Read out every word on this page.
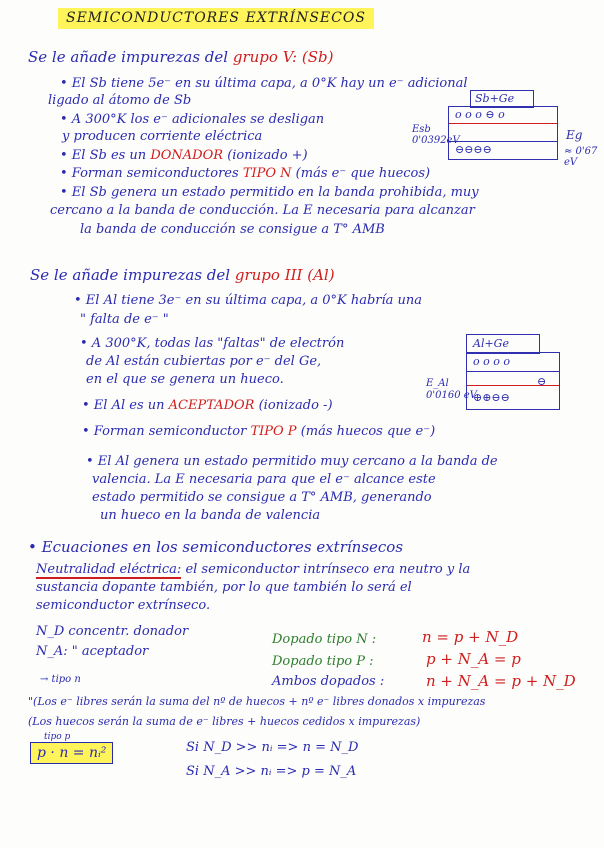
SEMICONDUCTORES EXTRÍNSECOS
Se le añade impurezas del grupo V: (Sb)
• El Sb tiene 5e⁻ en su última capa, a 0°K hay un e⁻ adicional
ligado al átomo de Sb
• A 300°K los e⁻ adicionales se desligan
y producen corriente eléctrica
• El Sb es un DONADOR (ionizado +)
• Forman semiconductores TIPO N (más e⁻ que huecos)
• El Sb genera un estado permitido en la banda prohibida, muy
cercano a la banda de conducción. La E necesaria para alcanzar
la banda de conducción se consigue a T° AMB
Sb+Ge
o o o ⊖ o
⊖⊖⊖⊖
Esb
0'0392eV	Eg
≈ 0'67 eV
Se le añade impurezas del grupo III (Al)
• El Al tiene 3e⁻ en su última capa, a 0°K habría una
" falta de e⁻ "
• A 300°K, todas las "faltas" de electrón
de Al están cubiertas por e⁻ del Ge,
en el que se genera un hueco.
• El Al es un ACEPTADOR (ionizado -)
• Forman semiconductor TIPO P (más huecos que e⁻)
• El Al genera un estado permitido muy cercano a la banda de
valencia. La E necesaria para que el e⁻ alcance este
estado permitido se consigue a T° AMB, generando
un hueco en la banda de valencia
Al+Ge
o o o o
⊖
⊕⊕⊖⊖
E_Al
0'0160 eV
• Ecuaciones en los semiconductores extrínsecos
Neutralidad eléctrica: el semiconductor intrínseco era neutro y la
sustancia dopante también, por lo que también lo será el
semiconductor extrínseco.
N_D concentr. donador
N_A: " aceptador
Dopado tipo N :	n = p + N_D
Dopado tipo P :	p + N_A = p
Ambos dopados :	n + N_A = p + N_D
→ tipo n
"(Los e⁻ libres serán la suma del nº de huecos + nº e⁻ libres donados x impurezas
(Los huecos serán la suma de e⁻ libres + huecos cedidos x impurezas)
tipo p
p · n = nᵢ²	Si N_D >> nᵢ => n = N_D
Si N_A >> nᵢ => p = N_A
